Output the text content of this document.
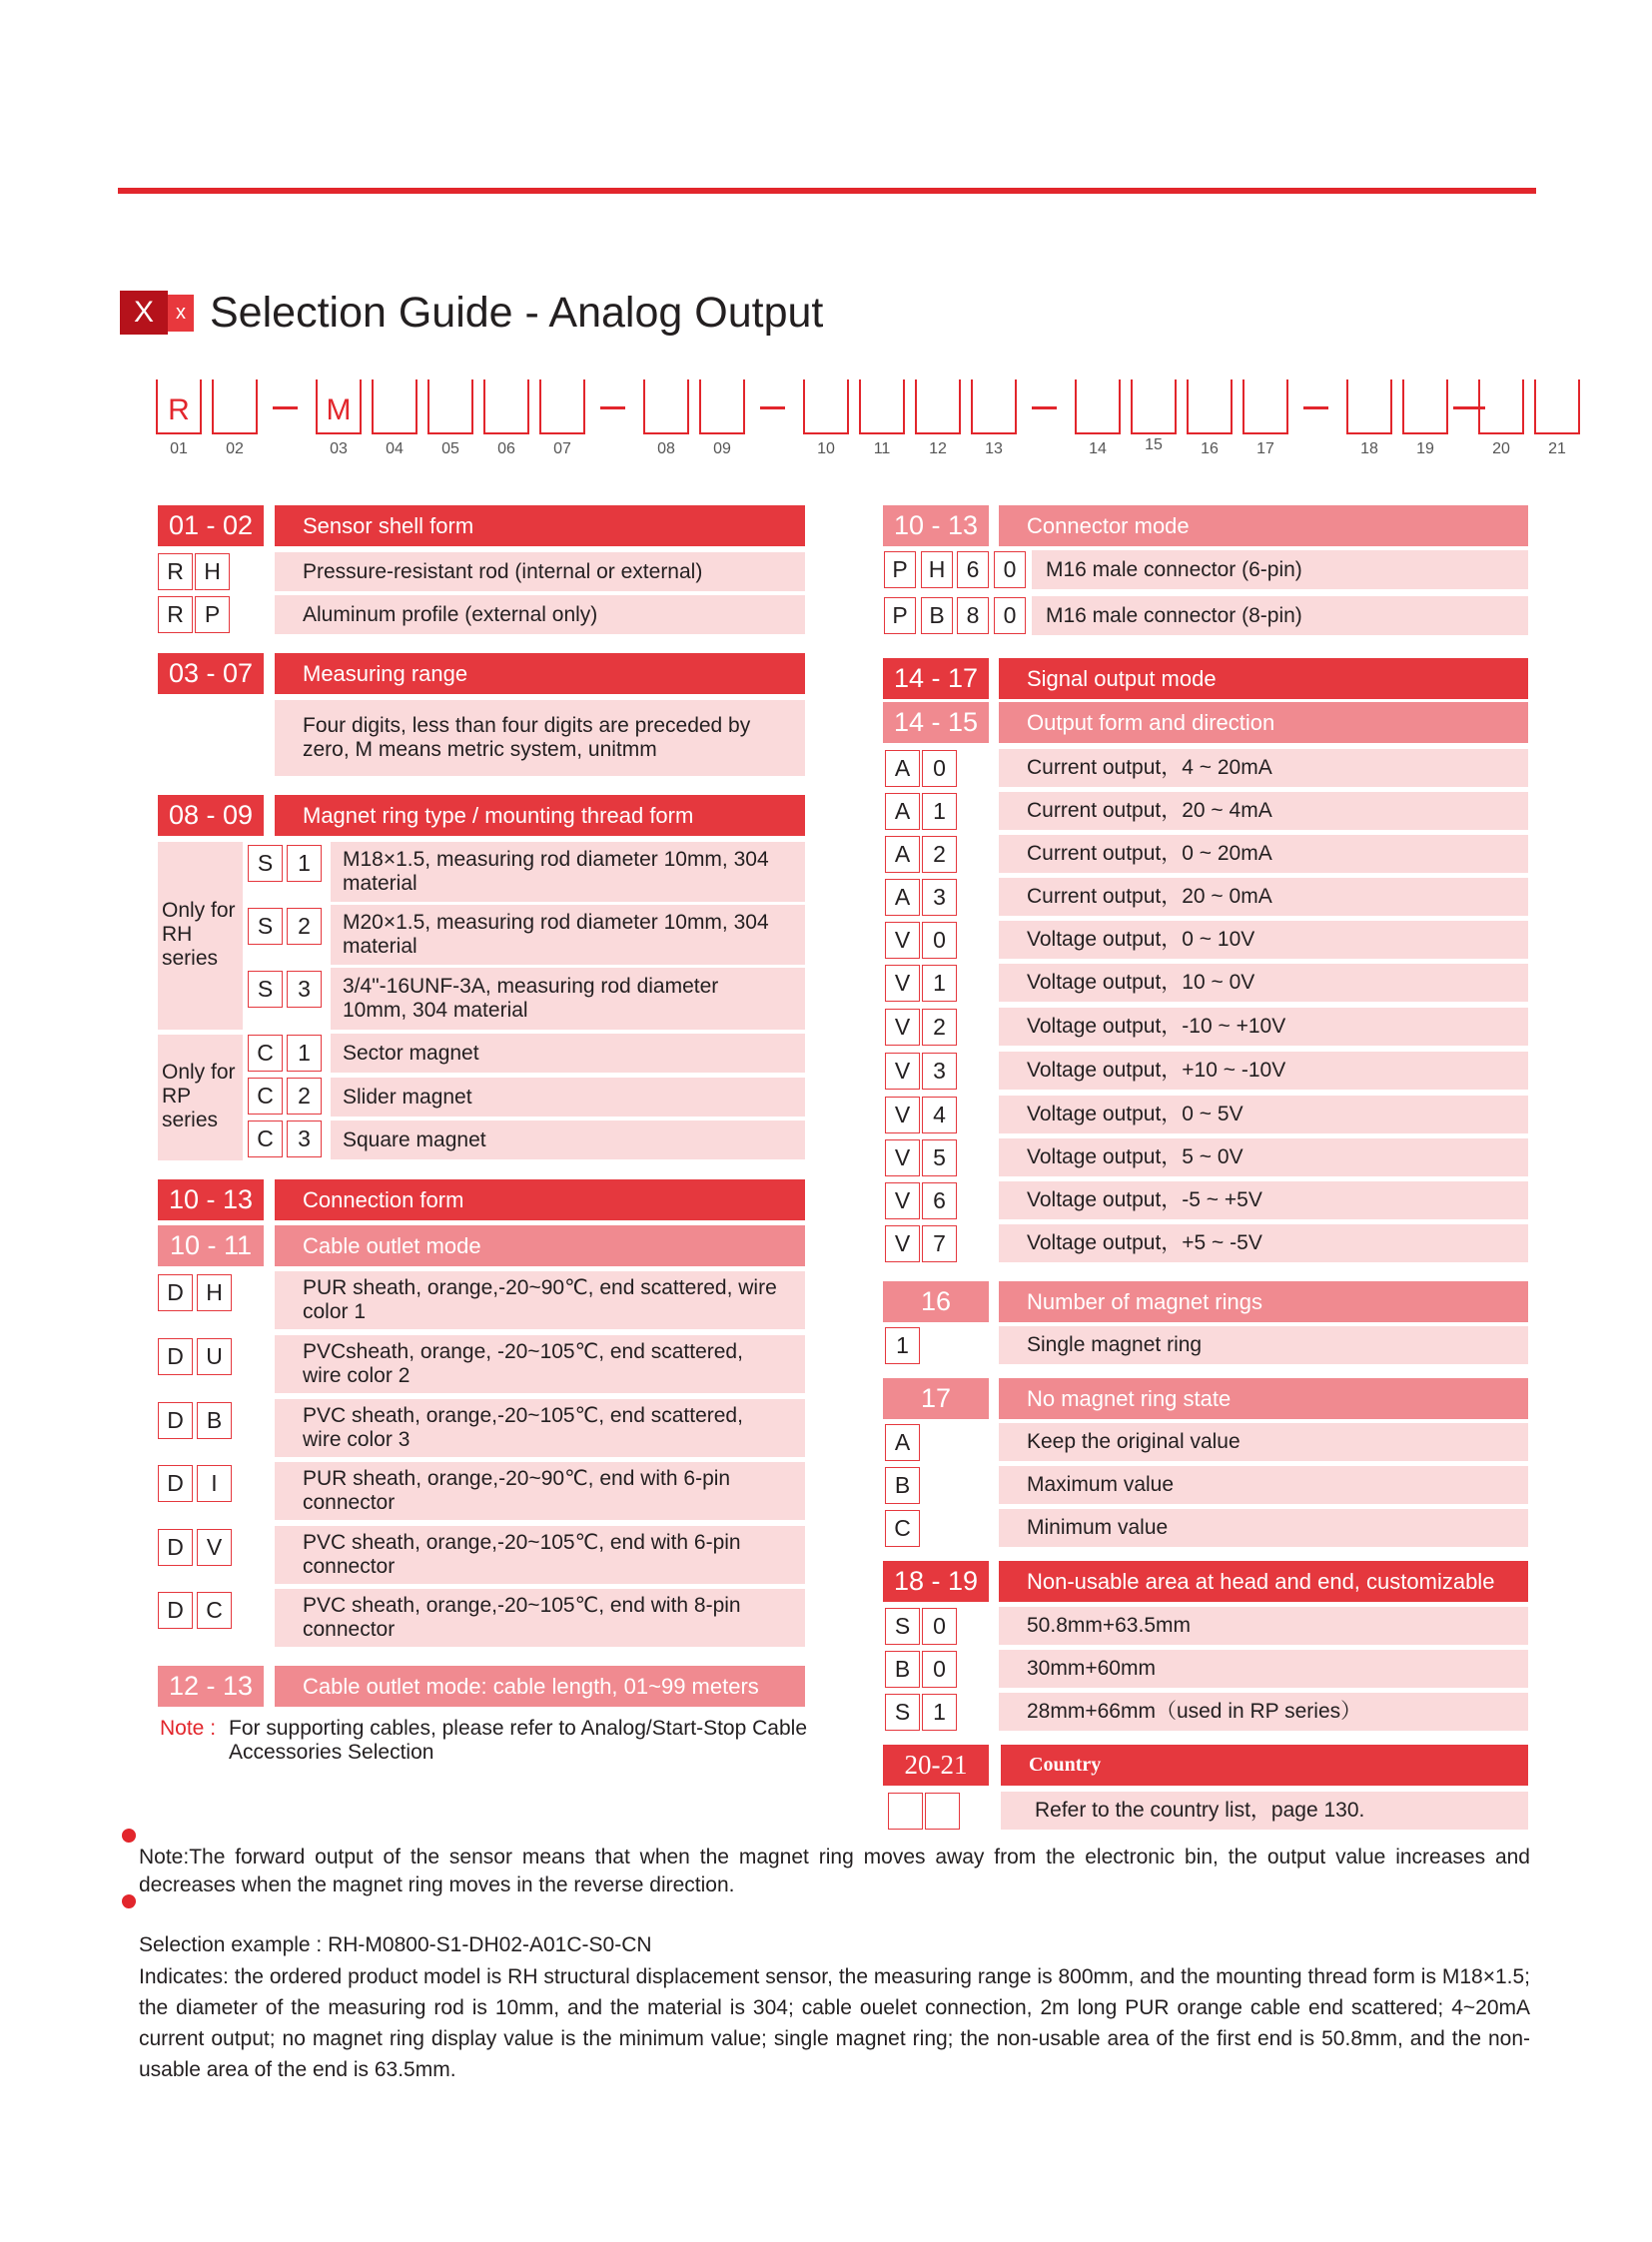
X	x Selection Guide - Analog Output
R	M
01	02	03	04	05	06	07	08	09	10	11	12	13	14	15	16	17	18	19	20	21
01 - 02	Sensor shell form
R H	Pressure-resistant rod (internal or external)
R P	Aluminum profile (external only)
03 - 07	Measuring range
Four digits, less than four digits are preceded by zero, M means metric system, unitmm
08 - 09	Magnet ring type / mounting thread form
Only for RH series
Only for RP series
S	1	M18×1.5, measuring rod diameter 10mm, 304 material
S	2	M20×1.5, measuring rod diameter 10mm, 304 material
S	3	3/4"-16UNF-3A, measuring rod diameter 10mm, 304 material
C	1	Sector magnet
C	2	Slider magnet
C	3	Square magnet
10 - 13	Connection form
10 - 11	Cable outlet mode
D H	PUR sheath, orange,-20~90℃, end scattered, wire color 1
D U	PVCsheath, orange, -20~105℃, end scattered, wire color 2
D	B	PVC sheath, orange,-20~105℃, end scattered, wire color 3
D	I	PUR sheath, orange,-20~90℃, end with 6-pin connector
D	V	PVC sheath, orange,-20~105℃, end with 6-pin connector
D C	PVC sheath, orange,-20~105℃, end with 8-pin connector
12 - 13	Cable outlet mode: cable length, 01~99 meters
Note : For supporting cables, please refer to Analog/Start-Stop Cable Accessories Selection
10 - 13	Connector mode
P H 6	0	M16 male connector (6-pin)
P B 8	0	M16 male connector (8-pin)
14 - 17	Signal output mode
14 - 15	Output form and direction
A 0	Current output，4 ~ 20mA
A 1	Current output，20 ~ 4mA
A 2	Current output，0 ~ 20mA
A 3	Current output，20 ~ 0mA
V 0	Voltage output，0 ~ 10V
V 1	Voltage output，10 ~ 0V
V 2	Voltage output，-10 ~ +10V
V 3	Voltage output，+10 ~ -10V
V 4	Voltage output，0 ~ 5V
V 5	Voltage output，5 ~ 0V
V 6	Voltage output，-5 ~ +5V
V 7	Voltage output，+5 ~ -5V
16	Number of magnet rings
1	Single magnet ring
17	No magnet ring state
A	Keep the original value
B	Maximum value
C	Minimum value
18 - 19	Non-usable area at head and end, customizable
S 0	50.8mm+63.5mm
B 0	30mm+60mm
S 1	28mm+66mm（used in RP series）
20-21	Country
Refer to the country list，page 130.
Note:The forward output of the sensor means that when the magnet ring moves away from the electronic bin, the output value increases and decreases when the magnet ring moves in the reverse direction.
Selection example : RH-M0800-S1-DH02-A01C-S0-CN
Indicates: the ordered product model is RH structural displacement sensor, the measuring range is 800mm, and the mounting thread form is M18×1.5; the diameter of the measuring rod is 10mm, and the material is 304; cable ouelet connection, 2m long PUR orange cable end scattered; 4~20mA current output; no magnet ring display value is the minimum value; single magnet ring; the non-usable area of the first end is 50.8mm, and the non-usable area of the end is 63.5mm.
